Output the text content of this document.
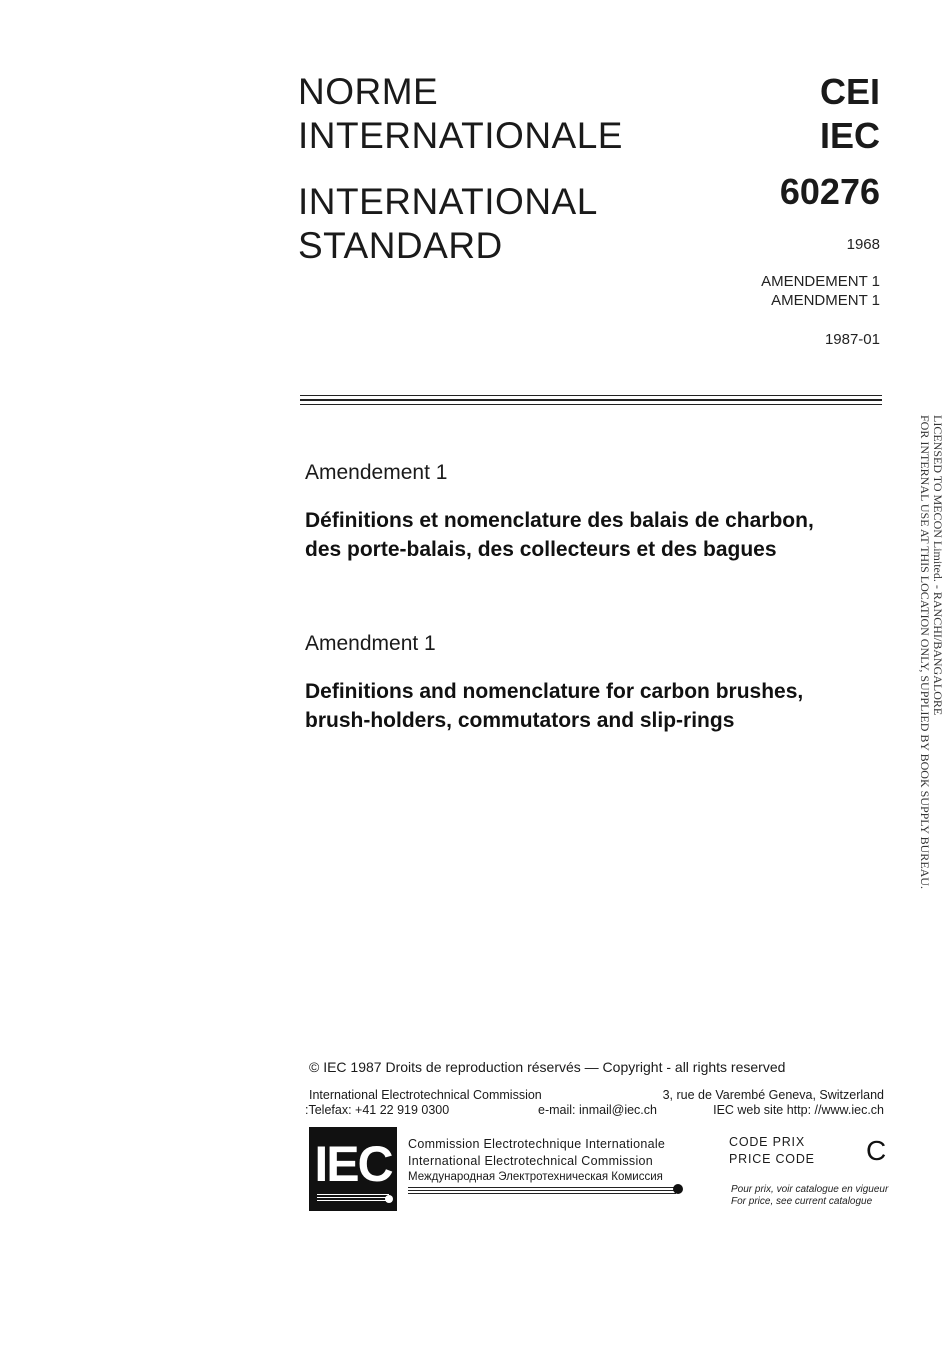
NORME
INTERNATIONALE
INTERNATIONAL
STANDARD
CEI
IEC
60276
1968
AMENDEMENT 1
AMENDMENT 1
1987-01
Amendement 1
Définitions et nomenclature des balais de charbon,
des porte-balais, des collecteurs et des bagues
Amendment 1
Definitions and nomenclature for carbon brushes,
brush-holders, commutators and slip-rings
LICENSED TO MECON Limited. - RANCHI/BANGALORE
FOR INTERNAL USE AT THIS LOCATION ONLY, SUPPLIED BY BOOK SUPPLY BUREAU.
© IEC 1987 Droits de reproduction réservés — Copyright - all rights reserved
International Electrotechnical Commission	3, rue de Varembé Geneva, Switzerland
:Telefax: +41 22 919 0300	e-mail: inmail@iec.ch	IEC web site http: //www.iec.ch
IEC	Commission Electrotechnique Internationale
International Electrotechnical Commission
Международная Электротехническая Комиссия
CODE PRIX
PRICE CODE C
Pour prix, voir catalogue en vigueur
For price, see current catalogue
